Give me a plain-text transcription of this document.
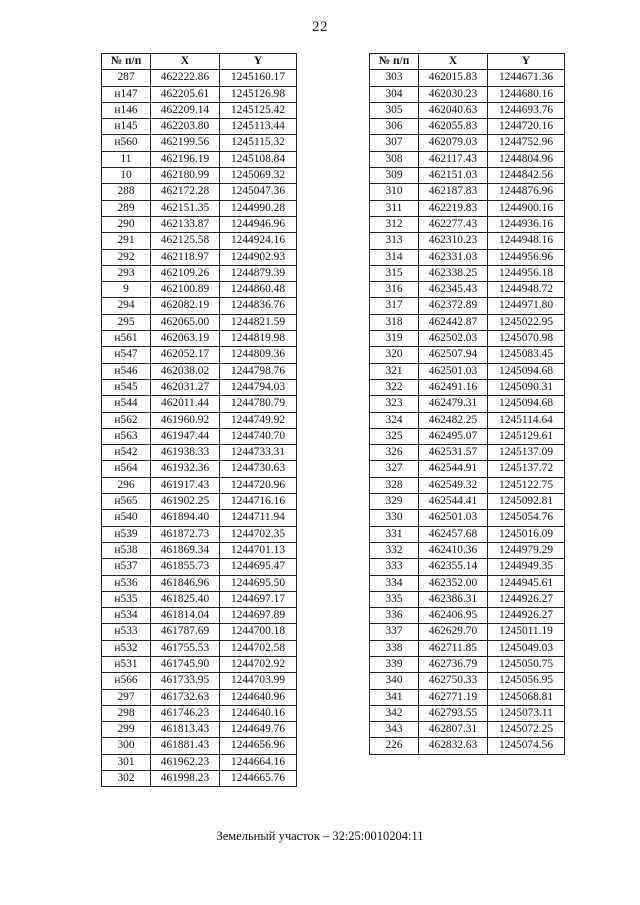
22
№ п/п	X	Y
287	462222.86	1245160.17
н147	462205.61	1245126.98
н146	462209.14	1245125.42
н145	462203.80	1245113.44
н560	462199.56	1245115.32
11	462196.19	1245108.84
10	462180.99	1245069.32
288	462172.28	1245047.36
289	462151.35	1244990.28
290	462133.87	1244946.96
291	462125.58	1244924.16
292	462118.97	1244902.93
293	462109.26	1244879.39
9	462100.89	1244860.48
294	462082.19	1244836.76
295	462065.00	1244821.59
н561	462063.19	1244819.98
н547	462052.17	1244809.36
н546	462038.02	1244798.76
н545	462031.27	1244794.03
н544	462011.44	1244780.79
н562	461960.92	1244749.92
н563	461947.44	1244740.70
н542	461938.33	1244733.31
н564	461932.36	1244730.63
296	461917.43	1244720.96
н565	461902.25	1244716.16
н540	461894.40	1244711.94
н539	461872.73	1244702.35
н538	461869.34	1244701.13
н537	461855.73	1244695.47
н536	461846.96	1244695.50
н535	461825.40	1244697.17
н534	461814.04	1244697.89
н533	461787.69	1244700.18
н532	461755.53	1244702.58
н531	461745.90	1244702.92
н566	461733.95	1244703.99
297	461732.63	1244640.96
298	461746.23	1244640.16
299	461813.43	1244649.76
300	461881.43	1244656.96
301	461962.23	1244664.16
302	461998.23	1244665.76
№ п/п	X	Y
303	462015.83	1244671.36
304	462030.23	1244680.16
305	462040.63	1244693.76
306	462055.83	1244720.16
307	462079.03	1244752.96
308	462117.43	1244804.96
309	462151.03	1244842.56
310	462187.83	1244876.96
311	462219.83	1244900.16
312	462277.43	1244936.16
313	462310.23	1244948.16
314	462331.03	1244956.96
315	462338.25	1244956.18
316	462345.43	1244948.72
317	462372.89	1244971.80
318	462442.87	1245022.95
319	462502.03	1245070.98
320	462507.94	1245083.45
321	462501.03	1245094.68
322	462491.16	1245090.31
323	462479.31	1245094.68
324	462482.25	1245114.64
325	462495.07	1245129.61
326	462531.57	1245137.09
327	462544.91	1245137.72
328	462549.32	1245122.75
329	462544.41	1245092.81
330	462501.03	1245054.76
331	462457.68	1245016.09
332	462410.36	1244979.29
333	462355.14	1244949.35
334	462352.00	1244945.61
335	462386.31	1244926.27
336	462406.95	1244926.27
337	462629.70	1245011.19
338	462711.85	1245049.03
339	462736.79	1245050.75
340	462750.33	1245056.95
341	462771.19	1245068.81
342	462793.55	1245073.11
343	462807.31	1245072.25
226	462832.63	1245074.56
Земельный участок – 32:25:0010204:11
